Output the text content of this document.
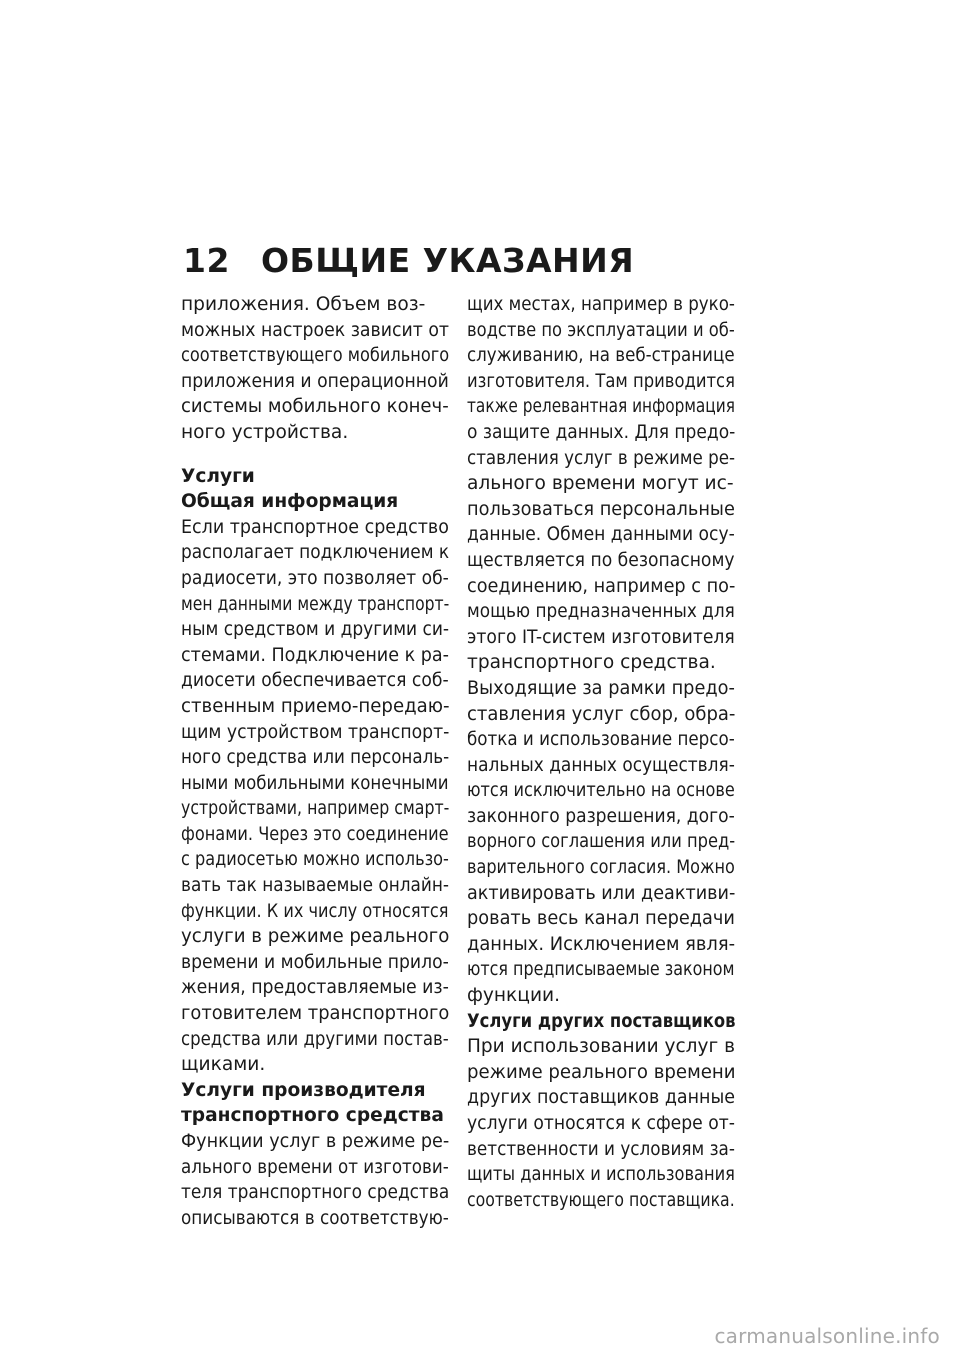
12 ОБЩИЕ УКАЗАНИЯ
приложения. Объем воз-
можных настроек зависит от
соответствующего мобильного
приложения и операционной
системы мобильного конеч-
ного устройства.
Услуги
Общая информация
Если транспортное средство
располагает подключением к
радиосети, это позволяет об-
мен данными между транспорт-
ным средством и другими си-
стемами. Подключение к ра-
диосети обеспечивается соб-
ственным приемо-передаю-
щим устройством транспорт-
ного средства или персональ-
ными мобильными конечными
устройствами, например смарт-
фонами. Через это соединение
с радиосетью можно использо-
вать так называемые онлайн-
функции. К их числу относятся
услуги в режиме реального
времени и мобильные прило-
жения, предоставляемые из-
готовителем транспортного
средства или другими постав-
щиками.
Услуги производителя
транспортного средства
Функции услуг в режиме ре-
ального времени от изготови-
теля транспортного средства
описываются в соответствую-
щих местах, например в руко-
водстве по эксплуатации и об-
служиванию, на веб-странице
изготовителя. Там приводится
также релевантная информация
о защите данных. Для предо-
ставления услуг в режиме ре-
ального времени могут ис-
пользоваться персональные
данные. Обмен данными осу-
ществляется по безопасному
соединению, например с по-
мощью предназначенных для
этого IT-систем изготовителя
транспортного средства.
Выходящие за рамки предо-
ставления услуг сбор, обра-
ботка и использование персо-
нальных данных осуществля-
ются исключительно на основе
законного разрешения, дого-
ворного соглашения или пред-
варительного согласия. Можно
активировать или деактиви-
ровать весь канал передачи
данных. Исключением явля-
ются предписываемые законом
функции.
Услуги других поставщиков
При использовании услуг в
режиме реального времени
других поставщиков данные
услуги относятся к сфере от-
ветственности и условиям за-
щиты данных и использования
соответствующего поставщика.
carmanualsonline.info
